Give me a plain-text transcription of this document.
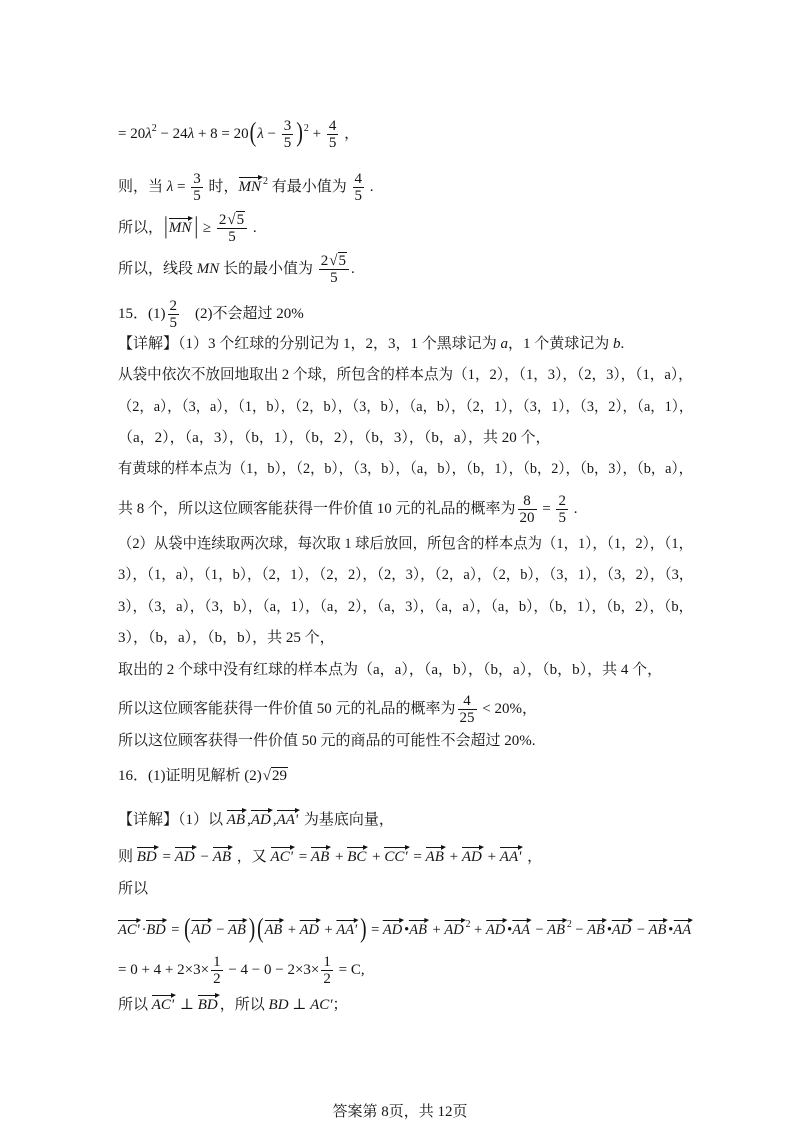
= $20\lambda^2 - 24\lambda + 8 = 20(\lambda - \frac{3}{5} )^2 + \frac{4}{5}$ ，
则，当 $\lambda = \frac{3}{5}$ 时，MN $^2$ 有最小值为 $\frac{4}{5}$ .
所以，|MN | ≥ $\frac{2√5}{5}$ .
所以，线段 MN 长的最小值为 $\frac{2√5}{5}$ .
15．$(1) \frac{2}{5} (2)$不会超过 20%
【详解】（1）3 个红球的分别记为 1，2，3，1 个黑球记为 a，1 个黄球记为 b.
从袋中依次不放回地取出 2 个球，所包含的样本点为（1，2），（1，3），（2，3），（1，a），
（2，a），（3，a），（1，b），（2，b），（3，b），（a，b），（2，1），（3，1），（3，2），（a，1），
（a，2），（a，3），（b，1），（b，2），（b，3），（b，a），共 20 个，
有黄球的样本点为（1，b），（2，b），（3，b），（a，b），（b，1），（b，2），（b，3），（b，a），
共 8 个，所以这位顾客能获得一件价值 10 元的礼品的概率为 $\frac{8}{20} = \frac{2}{5}$ .
（2）从袋中连续取两次球，每次取 1 球后放回，所包含的样本点为（1，1），（1，2），（1，
3），（1，a），（1，b），（2，1），（2，2），（2，3），（2，a），（2，b），（3，1），（3，2），（3，
3），（3，a），（3，b），（a，1），（a，2），（a，3），（a，a），（a，b），（b，1），（b，2），（b，
3），（b，a），（b，b），共 25 个，
取出的 2 个球中没有红球的样本点为（a，a），（a，b），（b，a），（b，b），共 4 个，
所以这位顾客能获得一件价值 50 元的礼品的概率为 $\frac{4}{25} < 20\%$，
所以这位顾客获得一件价值 50 元的商品的可能性不会超过 20%.
16．(1)证明见解析 (2)√29
【详解】（1）以 AB ,AD ,AA' 为基底向量，
则 BD = AD − AB ，又 AC' = AB + BC + CC' = AB + AD + AA' ，
所以
AC' ·BD = (AD − AB )(AB + AD + AA' ) = AD •AB + AD $^2$ + AD •AA − AB $^2$ − AB •AD − AB •AA
= $0 + 4 + 2\times 3\times \frac{1}{2} - 4 - 0 - 2\times 3\times \frac{1}{2} = C$,
所以 AC' ⊥ BD ，所以 BD ⊥ AC'；
答案第 8页，共 12页
